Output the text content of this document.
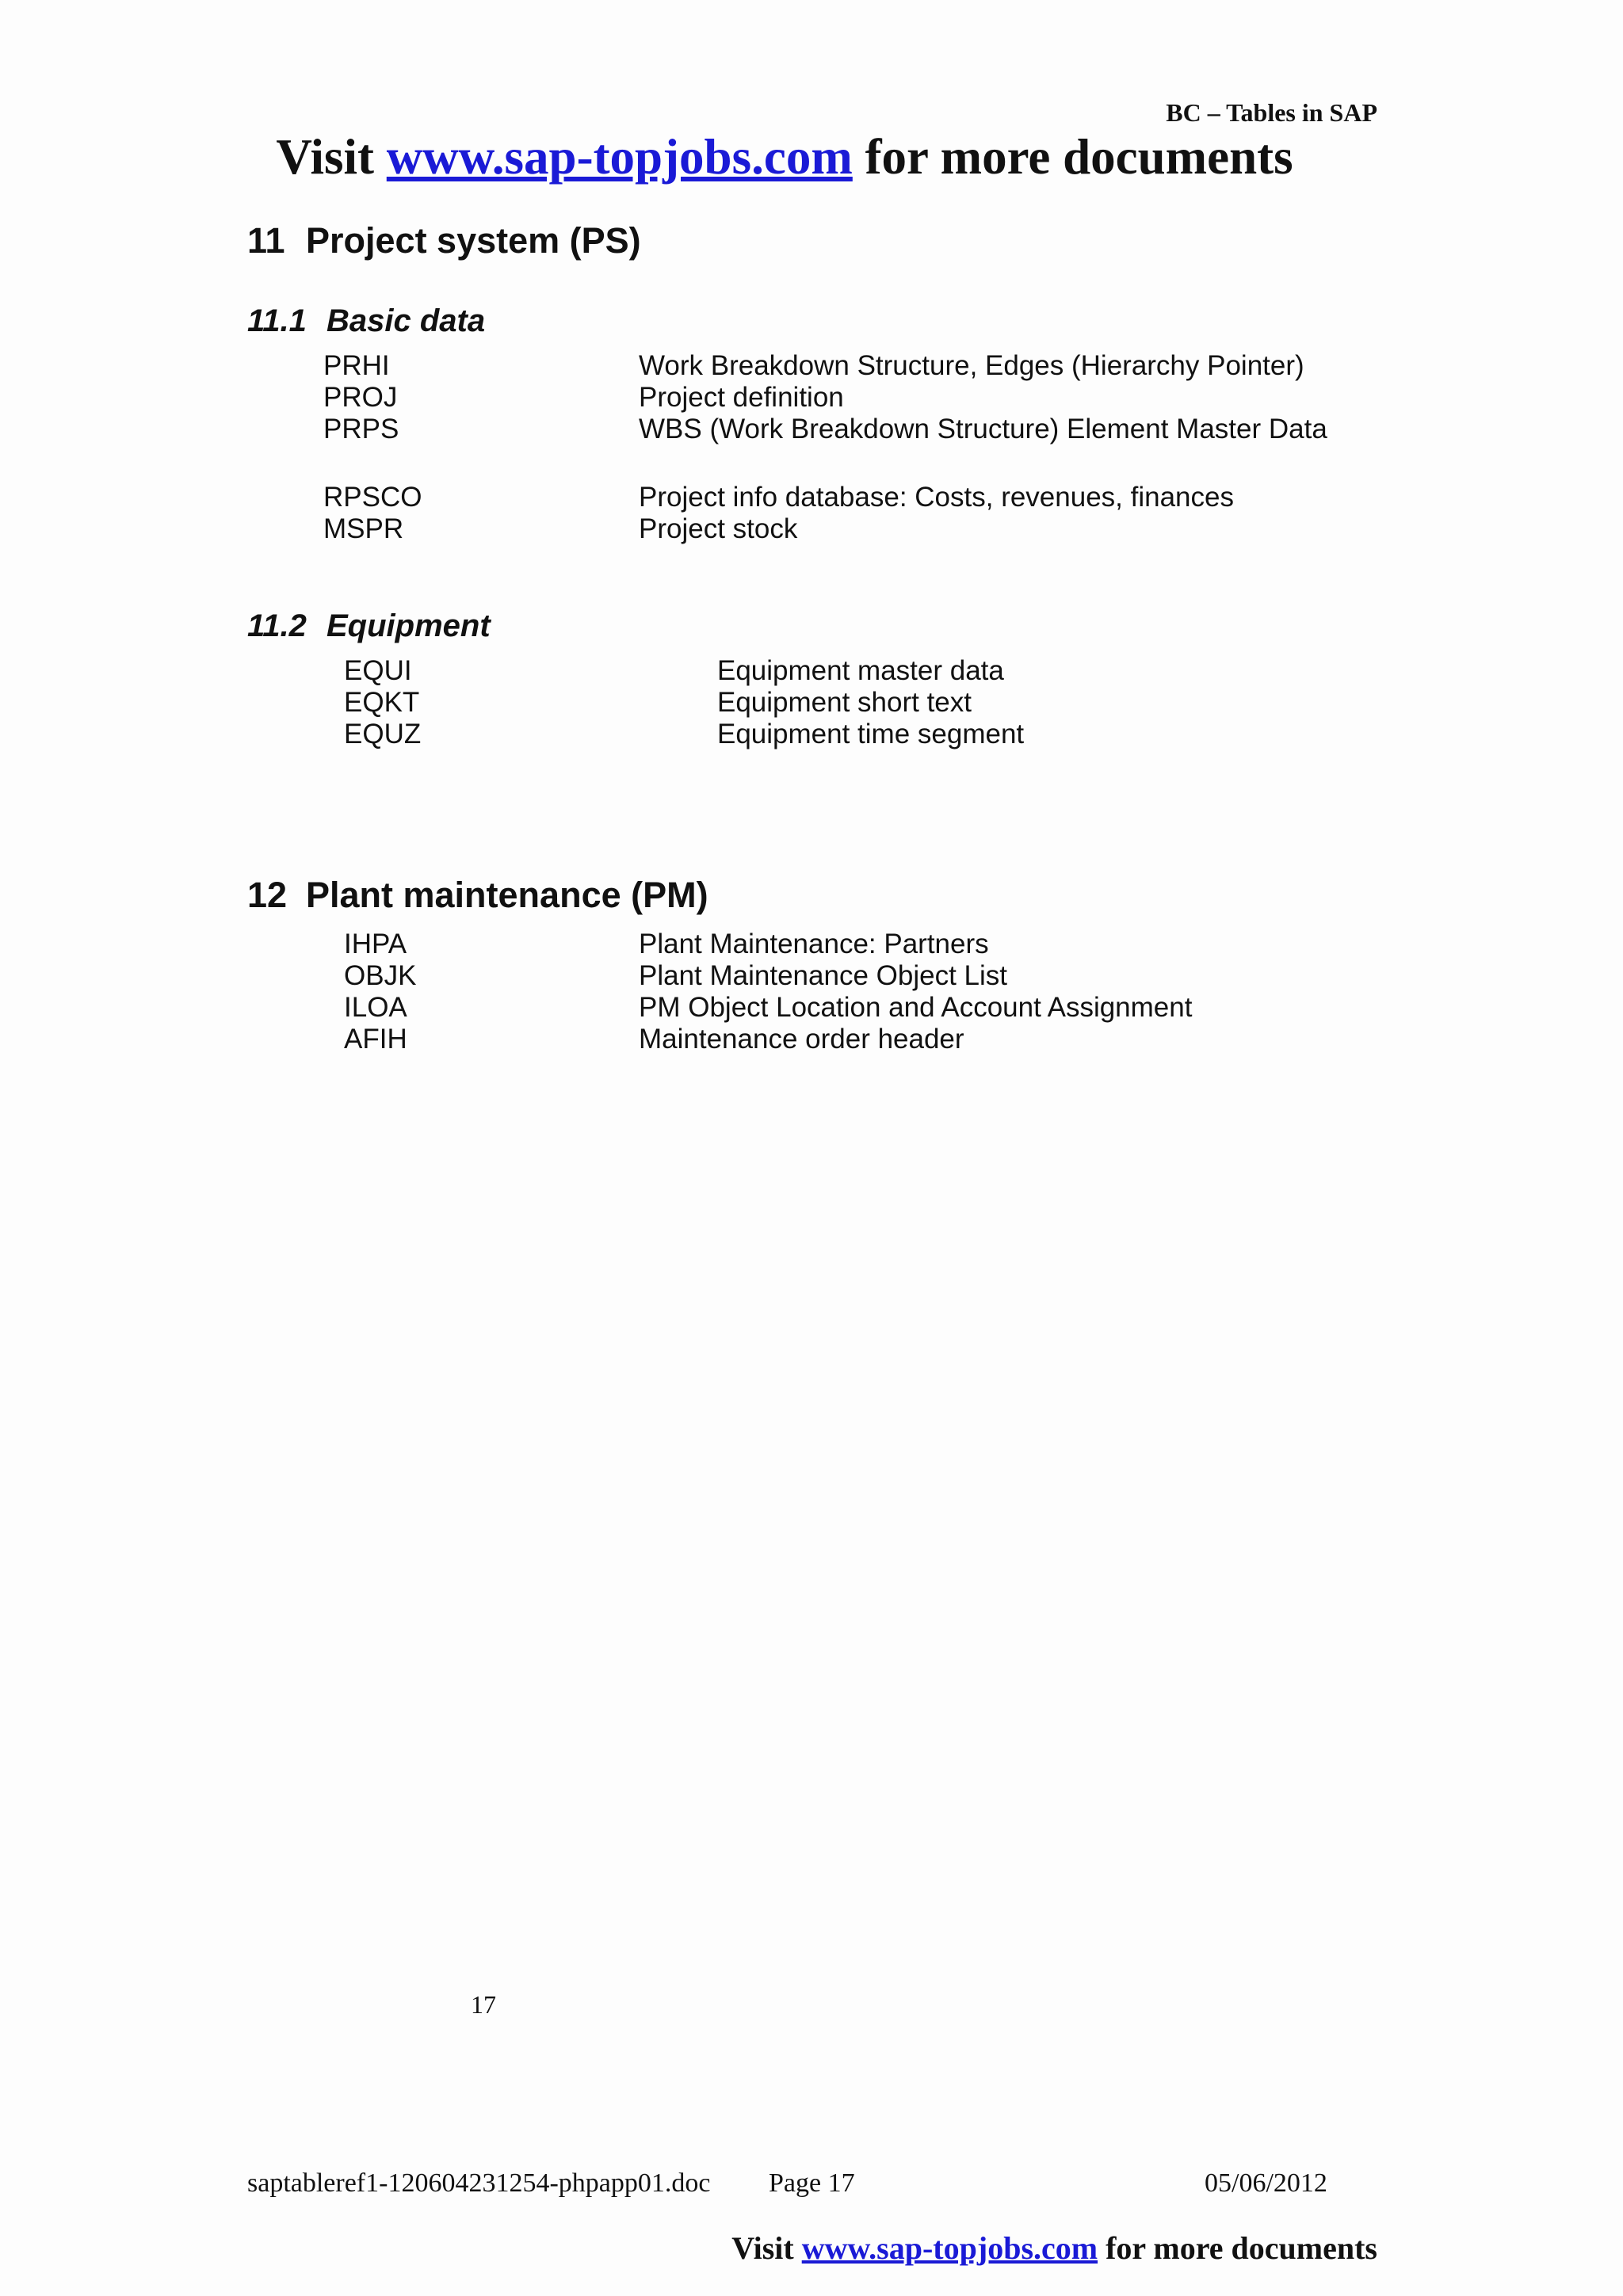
BC – Tables in SAP
Visit www.sap-topjobs.com for more documents
11 Project system (PS)
11.1 Basic data
PRHI	Work Breakdown Structure, Edges (Hierarchy Pointer)
PROJ	Project definition
PRPS	WBS (Work Breakdown Structure) Element Master Data
RPSCO	Project info database: Costs, revenues, finances
MSPR	Project stock
11.2 Equipment
EQUI	Equipment master data
EQKT	Equipment short text
EQUZ	Equipment time segment
12 Plant maintenance (PM)
IHPA	Plant Maintenance: Partners
OBJK	Plant Maintenance Object List
ILOA	PM Object Location and Account Assignment
AFIH	Maintenance order header
17
saptableref1-120604231254-phpapp01.doc Page 17	05/06/2012
Visit www.sap-topjobs.com for more documents
